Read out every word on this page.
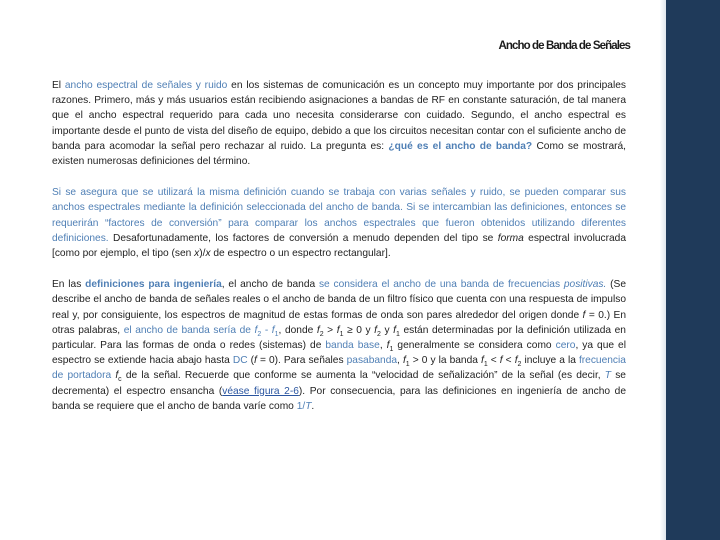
Ancho de Banda de Señales

El ancho espectral de señales y ruido en los sistemas de comunicación es un concepto muy importante por dos principales razones. Primero, más y más usuarios están recibiendo asignaciones a bandas de RF en constante saturación, de tal manera que el ancho espectral requerido para cada uno necesita considerarse con cuidado. Segundo, el ancho espectral es importante desde el punto de vista del diseño de equipo, debido a que los circuitos necesitan contar con el suficiente ancho de banda para acomodar la señal pero rechazar al ruido. La pregunta es: ¿qué es el ancho de banda? Como se mostrará, existen numerosas definiciones del término.

Si se asegura que se utilizará la misma definición cuando se trabaja con varias señales y ruido, se pueden comparar sus anchos espectrales mediante la definición seleccionada del ancho de banda. Si se intercambian las definiciones, entonces se requerirán “factores de conversión” para comparar los anchos espectrales que fueron obtenidos utilizando diferentes definiciones. Desafortunadamente, los factores de conversión a menudo dependen del tipo se forma espectral involucrada [como por ejemplo, el tipo (sen x)/x de espectro o un espectro rectangular].

En las definiciones para ingeniería, el ancho de banda se considera el ancho de una banda de frecuencias positivas. (Se describe el ancho de banda de señales reales o el ancho de banda de un filtro físico que cuenta con una respuesta de impulso real y, por consiguiente, los espectros de magnitud de estas formas de onda son pares alrededor del origen donde f = 0.) En otras palabras, el ancho de banda sería de $f_2 - f_1$, donde $f_2 > f_1 \ge 0$ y $f_2$ y $f_1$ están determinadas por la definición utilizada en particular. Para las formas de onda o redes (sistemas) de banda base, $f_1$ generalmente se considera como cero, ya que el espectro se extiende hacia abajo hasta DC (f = 0). Para señales pasabanda, $f_1 > 0$ y la banda $f_1 < f < f_2$ incluye a la frecuencia de portadora $f_c$ de la señal. Recuerde que conforme se aumenta la “velocidad de señalización” de la señal (es decir, T se decrementa) el espectro ensancha (véase figura 2-6). Por consecuencia, para las definiciones en ingeniería de ancho de banda se requiere que el ancho de banda varíe como 1/T.
